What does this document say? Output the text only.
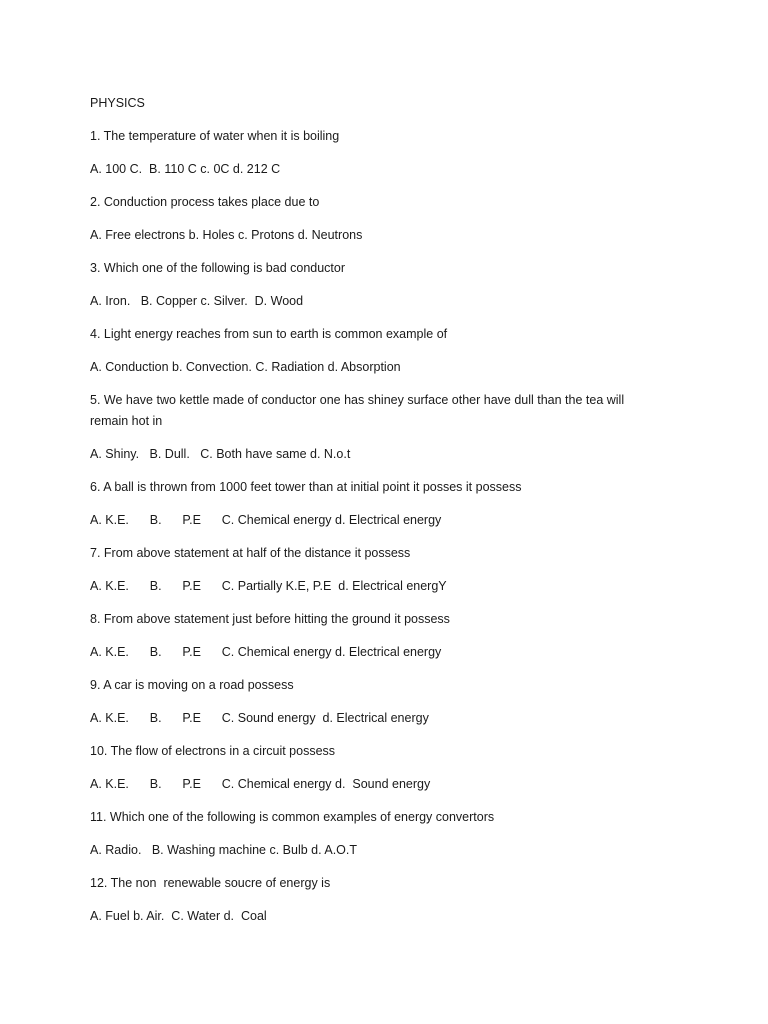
PHYSICS
1. The temperature of water when it is boiling
A. 100 C.  B. 110 C c. 0C d. 212 C
2. Conduction process takes place due to
A. Free electrons b. Holes c. Protons d. Neutrons
3. Which one of the following is bad conductor
A. Iron.   B. Copper c. Silver.  D. Wood
4. Light energy reaches from sun to earth is common example of
A. Conduction b. Convection. C. Radiation d. Absorption
5. We have two kettle made of conductor one has shiney surface other have dull than the tea will remain hot in
A. Shiny.   B. Dull.   C. Both have same d. N.o.t
6. A ball is thrown from 1000 feet tower than at initial point it posses it possess
A. K.E.      B.      P.E      C. Chemical energy d. Electrical energy
7. From above statement at half of the distance it possess
A. K.E.      B.      P.E      C. Partially K.E, P.E  d. Electrical energY
8. From above statement just before hitting the ground it possess
A. K.E.      B.      P.E      C. Chemical energy d. Electrical energy
9. A car is moving on a road possess
A. K.E.      B.      P.E      C. Sound energy  d. Electrical energy
10. The flow of electrons in a circuit possess
A. K.E.      B.      P.E      C. Chemical energy d.  Sound energy
11. Which one of the following is common examples of energy convertors
A. Radio.   B. Washing machine c. Bulb d. A.O.T
12. The non  renewable soucre of energy is
A. Fuel b. Air.  C. Water d.  Coal
